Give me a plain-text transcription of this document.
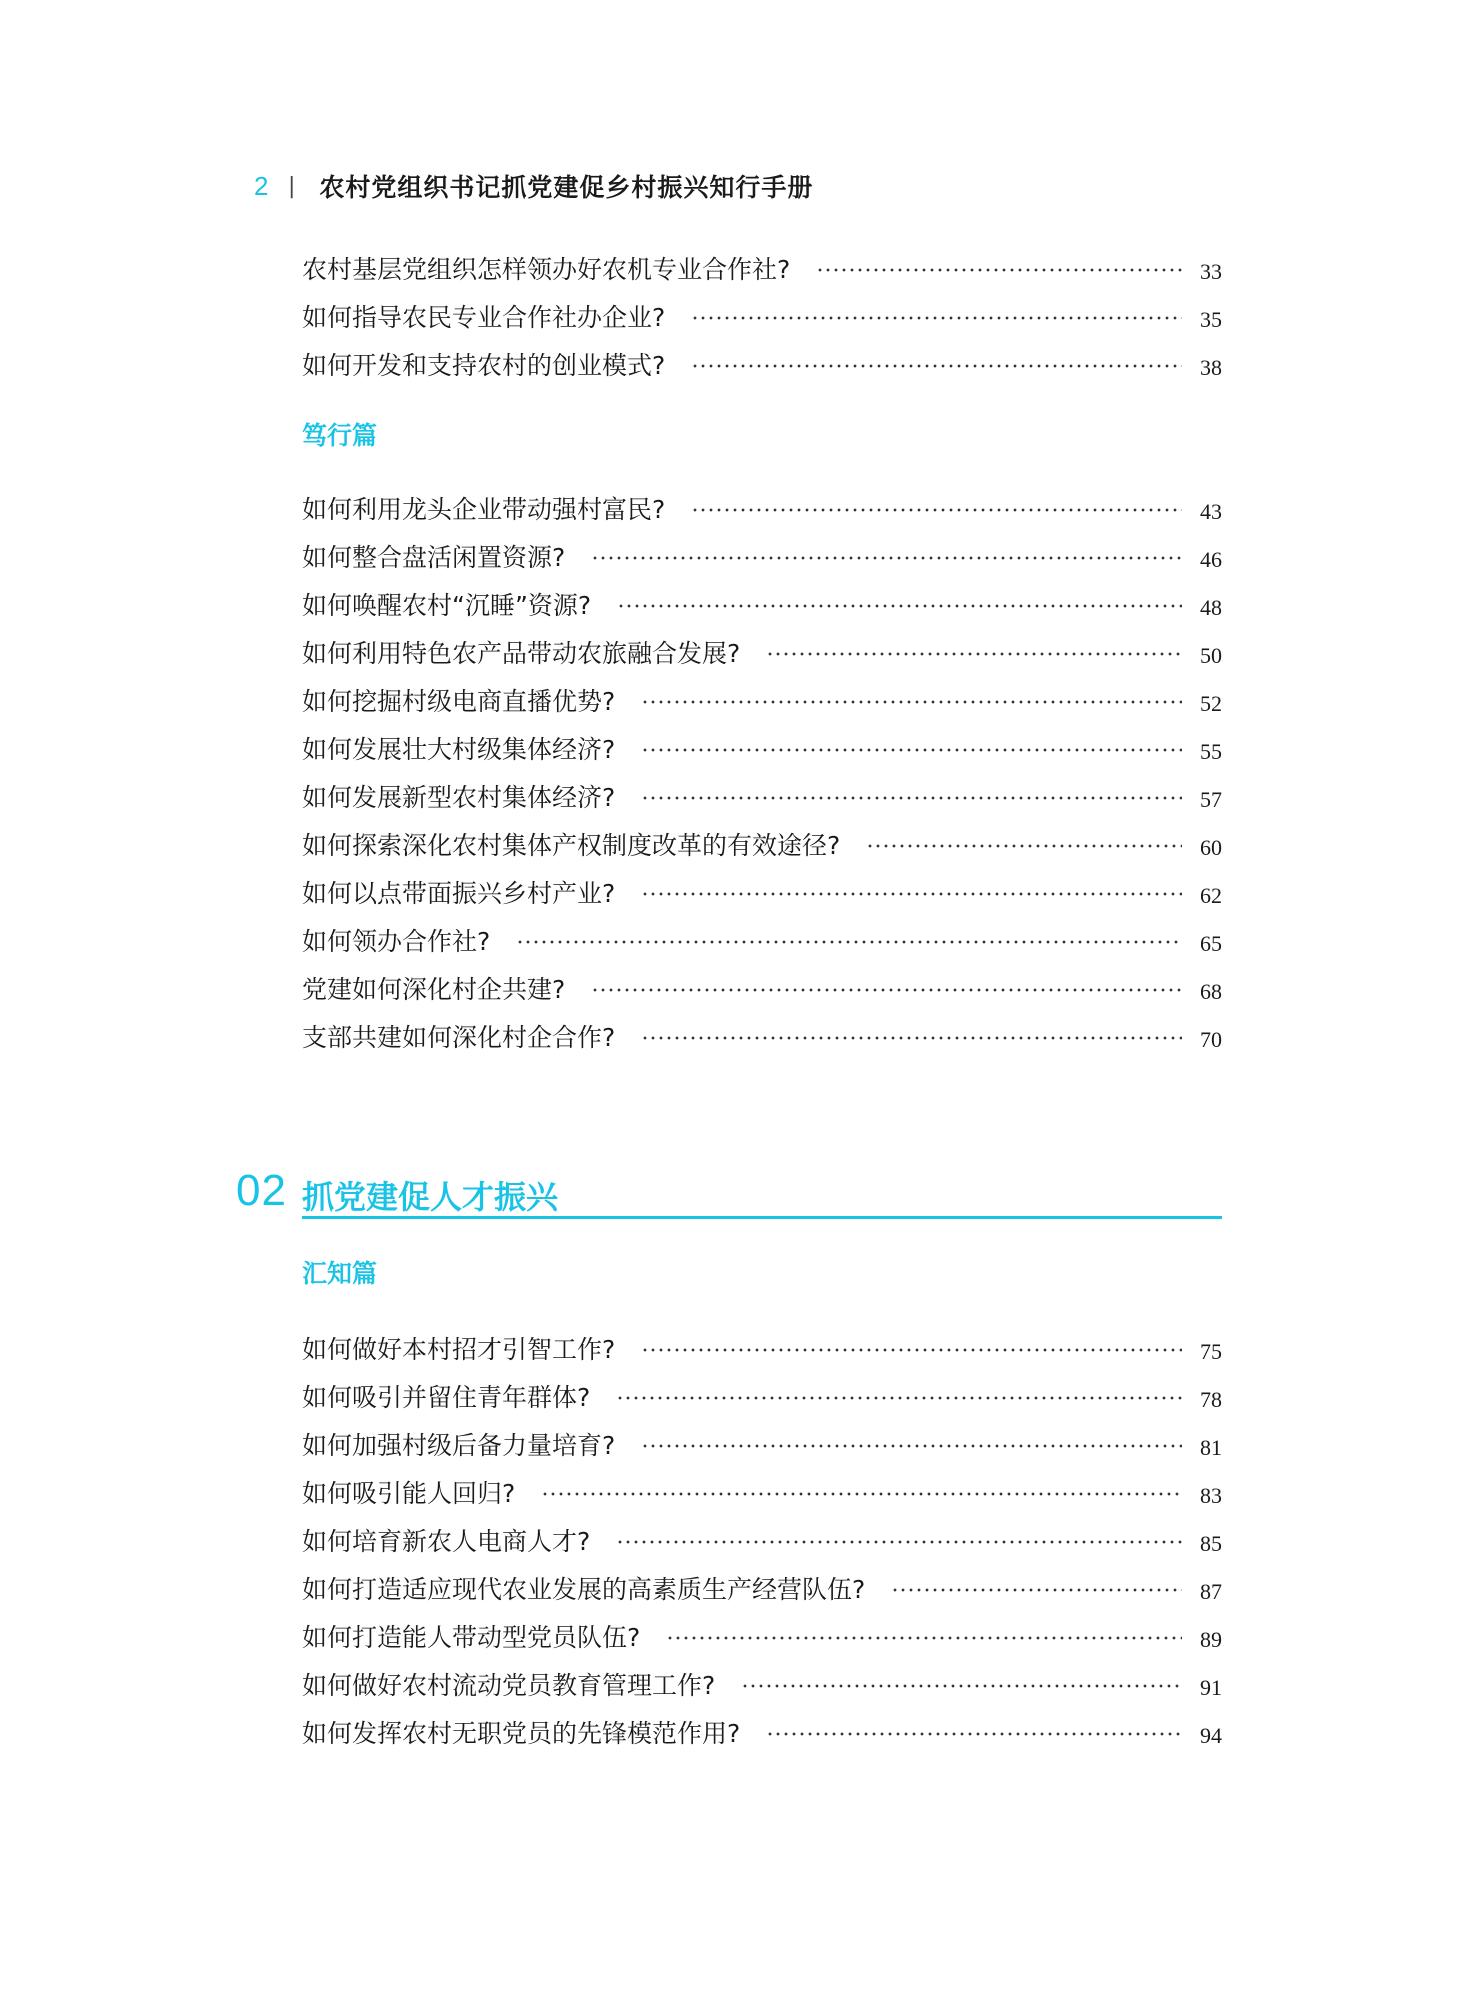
2 | 农村党组织书记抓党建促乡村振兴知行手册
农村基层党组织怎样领办好农机专业合作社?	33
如何指导农民专业合作社办企业?	35
如何开发和支持农村的创业模式?	38
笃行篇
如何利用龙头企业带动强村富民?	43
如何整合盘活闲置资源?	46
如何唤醒农村“沉睡”资源?	48
如何利用特色农产品带动农旅融合发展?	50
如何挖掘村级电商直播优势?	52
如何发展壮大村级集体经济?	55
如何发展新型农村集体经济?	57
如何探索深化农村集体产权制度改革的有效途径?	60
如何以点带面振兴乡村产业?	62
如何领办合作社?	65
党建如何深化村企共建?	68
支部共建如何深化村企合作?	70
02 抓党建促人才振兴
汇知篇
如何做好本村招才引智工作?	75
如何吸引并留住青年群体?	78
如何加强村级后备力量培育?	81
如何吸引能人回归?	83
如何培育新农人电商人才?	85
如何打造适应现代农业发展的高素质生产经营队伍?	87
如何打造能人带动型党员队伍?	89
如何做好农村流动党员教育管理工作?	91
如何发挥农村无职党员的先锋模范作用?	94
